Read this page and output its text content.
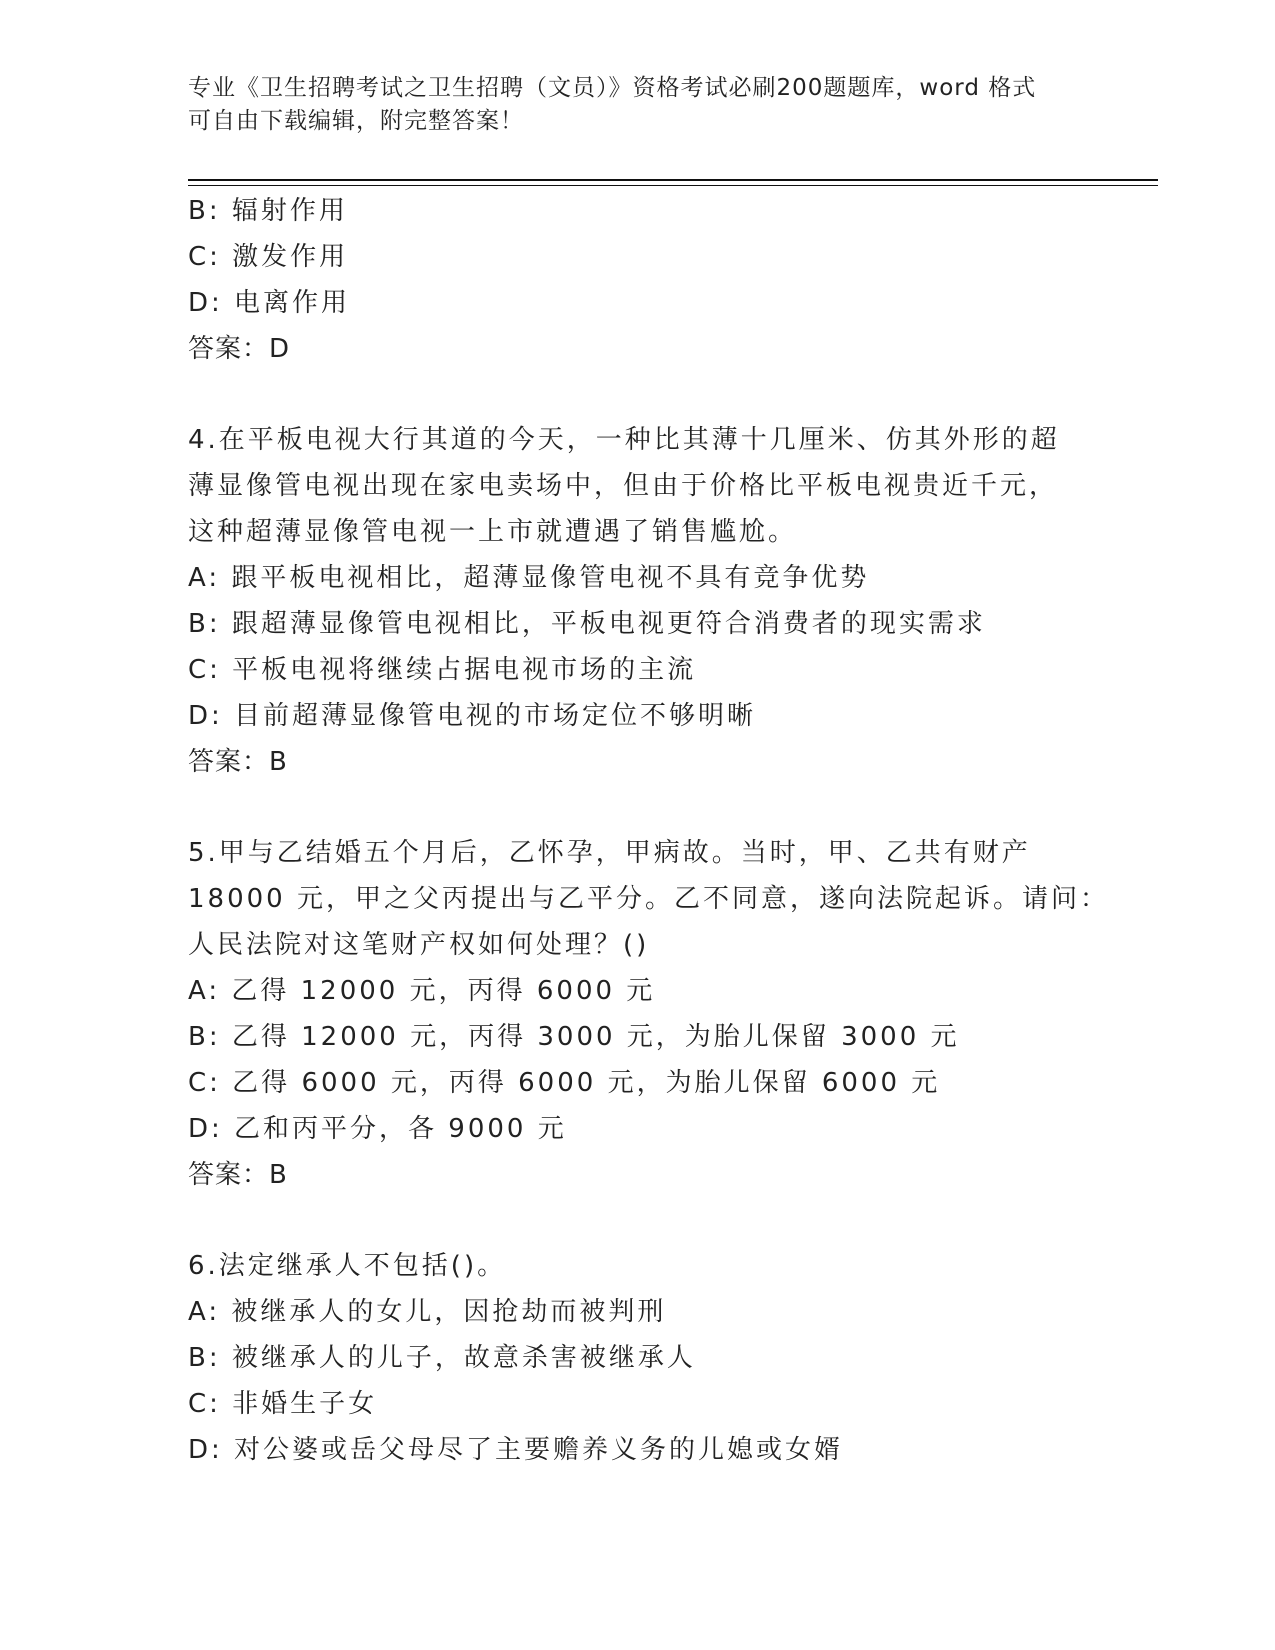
专业《卫生招聘考试之卫生招聘（文员）》资格考试必刷200题题库，word 格式
可自由下载编辑，附完整答案！
B: 辐射作用
C: 激发作用
D: 电离作用
答案：D
4.在平板电视大行其道的今天，一种比其薄十几厘米、仿其外形的超
薄显像管电视出现在家电卖场中，但由于价格比平板电视贵近千元，
这种超薄显像管电视一上市就遭遇了销售尴尬。
A: 跟平板电视相比，超薄显像管电视不具有竞争优势
B: 跟超薄显像管电视相比，平板电视更符合消费者的现实需求
C: 平板电视将继续占据电视市场的主流
D: 目前超薄显像管电视的市场定位不够明晰
答案：B
5.甲与乙结婚五个月后，乙怀孕，甲病故。当时，甲、乙共有财产
18000 元，甲之父丙提出与乙平分。乙不同意，遂向法院起诉。请问：
人民法院对这笔财产权如何处理？()
A: 乙得 12000 元，丙得 6000 元
B: 乙得 12000 元，丙得 3000 元，为胎儿保留 3000 元
C: 乙得 6000 元，丙得 6000 元，为胎儿保留 6000 元
D: 乙和丙平分，各 9000 元
答案：B
6.法定继承人不包括()。
A: 被继承人的女儿，因抢劫而被判刑
B: 被继承人的儿子，故意杀害被继承人
C: 非婚生子女
D: 对公婆或岳父母尽了主要赡养义务的儿媳或女婿
